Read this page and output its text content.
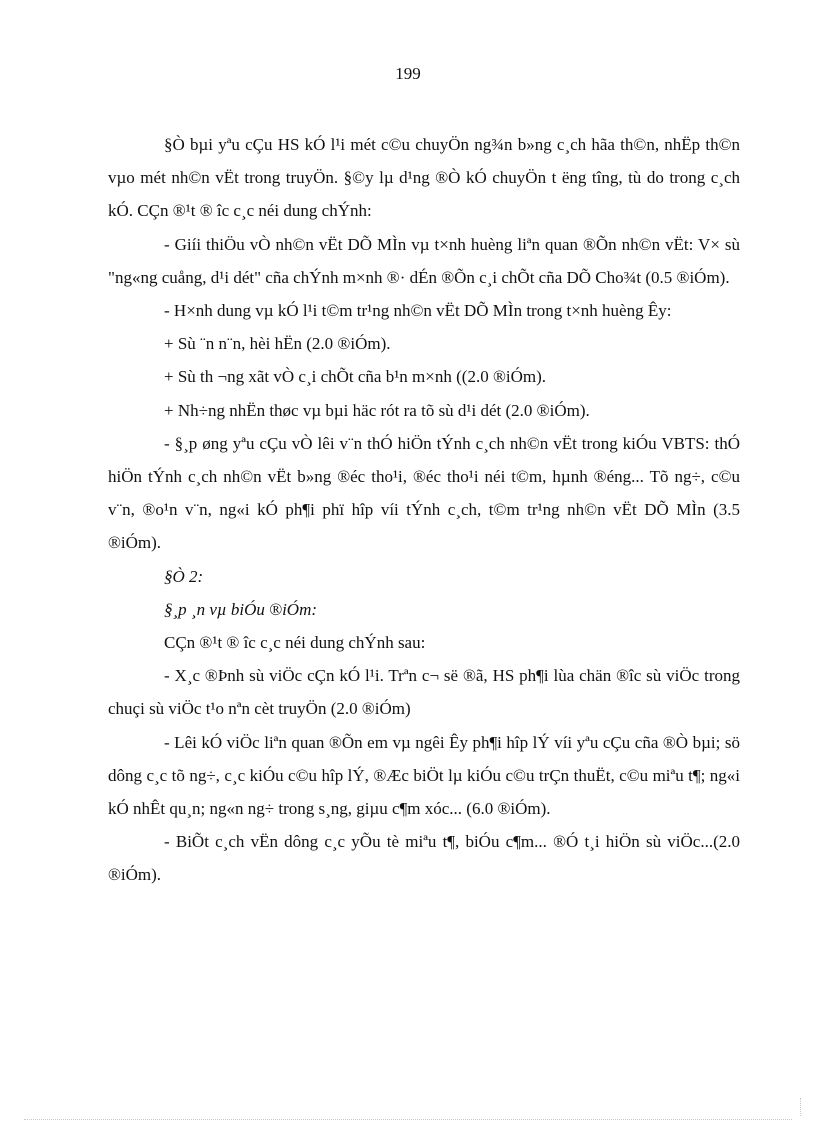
199

§Ò bµi yªu cÇu HS kÓ l¹i mét c©u chuyÖn ng¾n b»ng c¸ch hãa th©n, nhËp th©n vµo mét nh©n vËt trong truyÖn. §©y lµ d¹ng ®Ò kÓ chuyÖn t ëng tîng, tù do trong c¸ch kÓ. CÇn ®¹t ® îc c¸c néi dung chÝnh:

- Giíi thiÖu vÒ nh©n vËt DÕ MÌn vµ t×nh huèng liªn quan ®Õn nh©n vËt: V× sù "ng«ng cuång, d¹i dét" cña chÝnh m×nh ®· dÉn ®Õn c¸i chÕt cña DÕ Cho¾t (0.5 ®iÓm).

- H×nh dung vµ kÓ l¹i t©m tr¹ng nh©n vËt DÕ MÌn trong t×nh huèng Êy:

+ Sù ¨n n¨n, hèi hËn (2.0 ®iÓm).

+ Sù th ¬ng xãt vÒ c¸i chÕt cña b¹n m×nh ((2.0 ®iÓm).

+ Nh÷ng nhËn thøc vµ bµi häc rót ra tõ sù d¹i dét (2.0 ®iÓm).

- §¸p øng yªu cÇu vÒ lêi v¨n thÓ hiÖn tÝnh c¸ch nh©n vËt trong kiÓu VBTS: thÓ hiÖn tÝnh c¸ch nh©n vËt b»ng ®éc tho¹i, ®éc tho¹i néi t©m, hµnh ®éng... Tõ ng÷, c©u v¨n, ®o¹n v¨n, ng«i kÓ ph¶i phï hîp víi tÝnh c¸ch, t©m tr¹ng nh©n vËt DÕ MÌn (3.5 ®iÓm).

§Ò 2:

§¸p ¸n vµ biÓu ®iÓm:

CÇn ®¹t ® îc c¸c néi dung chÝnh sau:

- X¸c ®Þnh sù viÖc cÇn kÓ l¹i. Trªn c¬ së ®ã, HS ph¶i lùa chän ®îc sù viÖc trong chuçi sù viÖc t¹o nªn cèt truyÖn (2.0 ®iÓm)

- Lêi kÓ viÖc liªn quan ®Õn em vµ ngêi Êy ph¶i hîp lÝ víi yªu cÇu cña ®Ò bµi; sö dông c¸c tõ ng÷, c¸c kiÓu c©u hîp lÝ, ®Æc biÖt lµ kiÓu c©u trÇn thuËt, c©u miªu t¶; ng«i kÓ nhÊt qu¸n; ng«n ng÷ trong s¸ng, giµu c¶m xóc... (6.0 ®iÓm).

- BiÕt c¸ch vËn dông c¸c yÕu tè miªu t¶, biÓu c¶m... ®Ó t¸i hiÖn sù viÖc...(2.0 ®iÓm).
